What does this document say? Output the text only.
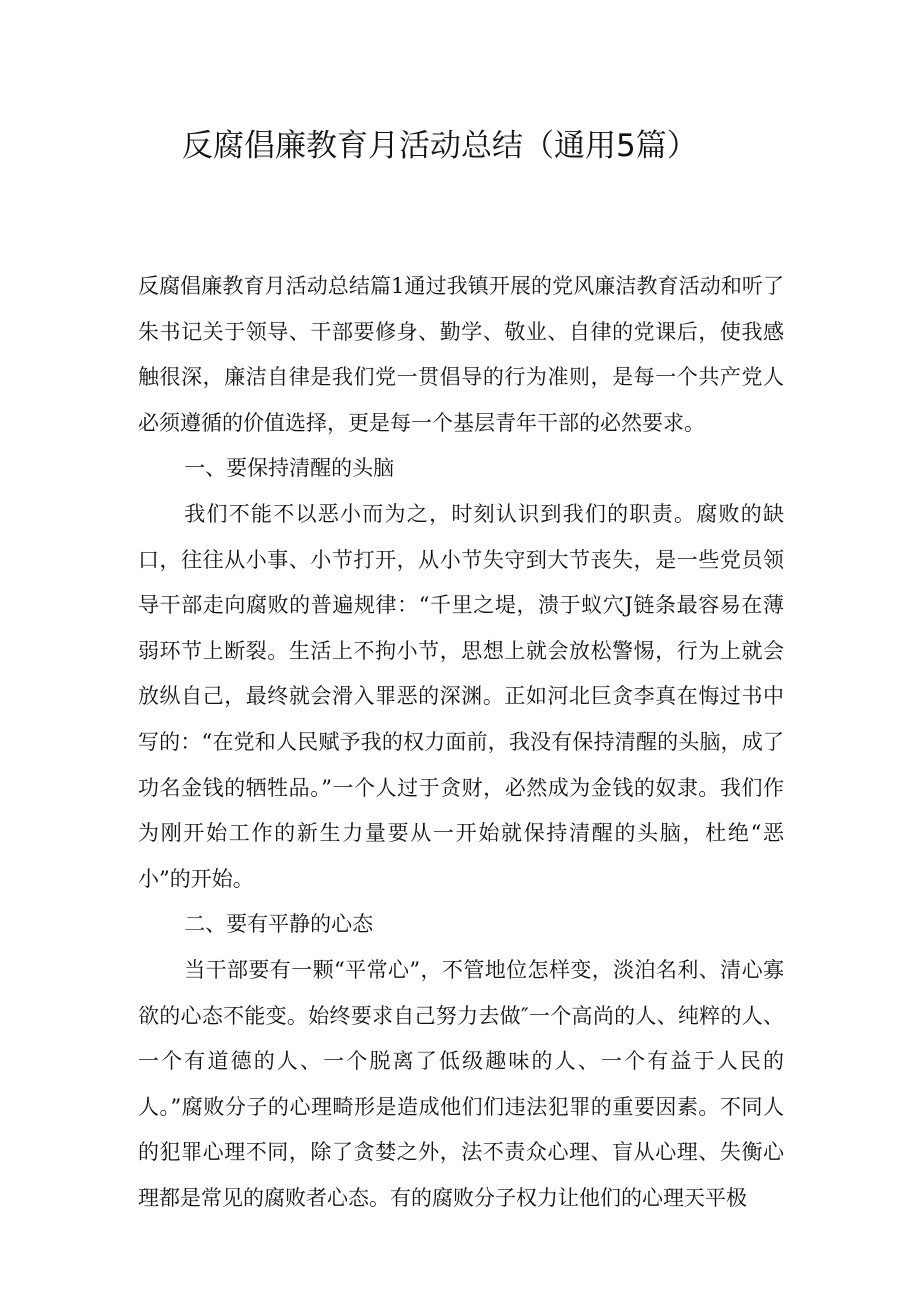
反腐倡廉教育月活动总结（通用5篇）

反腐倡廉教育月活动总结篇1通过我镇开展的党风廉洁教育活动和听了朱书记关于领导、干部要修身、勤学、敬业、自律的党课后，使我感触很深，廉洁自律是我们党一贯倡导的行为准则，是每一个共产党人必须遵循的价值选择，更是每一个基层青年干部的必然要求。

一、要保持清醒的头脑

我们不能不以恶小而为之，时刻认识到我们的职责。腐败的缺口，往往从小事、小节打开，从小节失守到大节丧失，是一些党员领导干部走向腐败的普遍规律：“千里之堤，溃于蚁穴J链条最容易在薄弱环节上断裂。生活上不拘小节，思想上就会放松警惕，行为上就会放纵自己，最终就会滑入罪恶的深渊。正如河北巨贪李真在悔过书中写的：“在党和人民赋予我的权力面前，我没有保持清醒的头脑，成了功名金钱的牺牲品。”一个人过于贪财，必然成为金钱的奴隶。我们作为刚开始工作的新生力量要从一开始就保持清醒的头脑，杜绝“恶小”的开始。

二、要有平静的心态

当干部要有一颗“平常心”，不管地位怎样变，淡泊名利、清心寡欲的心态不能变。始终要求自己努力去做″一个高尚的人、纯粹的人、一个有道德的人、一个脱离了低级趣味的人、一个有益于人民的人。”腐败分子的心理畸形是造成他们们违法犯罪的重要因素。不同人的犯罪心理不同，除了贪婪之外，法不责众心理、盲从心理、失衡心理都是常见的腐败者心态。有的腐败分子权力让他们的心理天平极
